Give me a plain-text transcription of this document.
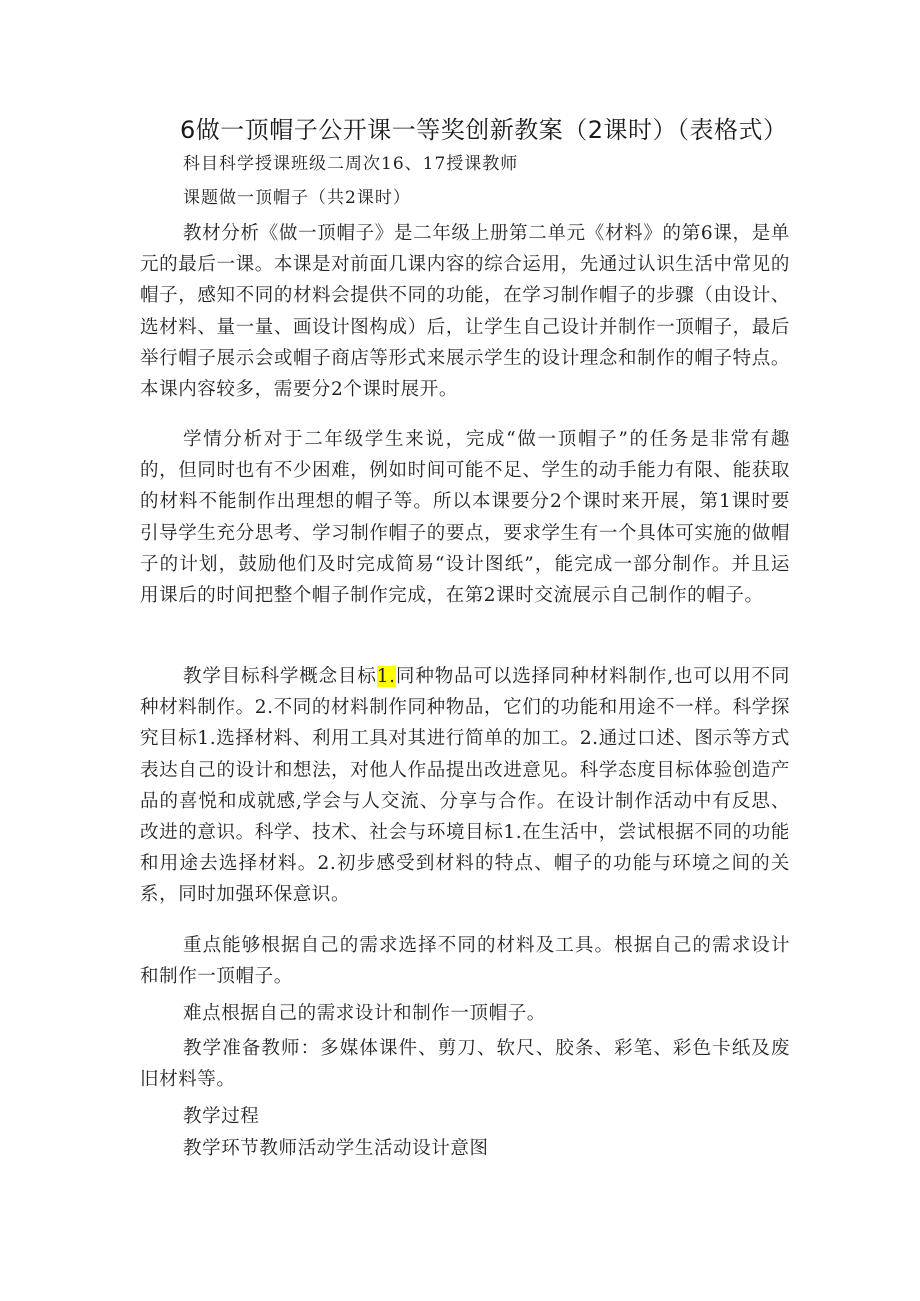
6做一顶帽子公开课一等奖创新教案（2课时）（表格式）
科目科学授课班级二周次16、17授课教师
课题做一顶帽子（共2课时）

教材分析《做一顶帽子》是二年级上册第二单元《材料》的第6课，是单元的最后一课。本课是对前面几课内容的综合运用，先通过认识生活中常见的帽子，感知不同的材料会提供不同的功能，在学习制作帽子的步骤（由设计、选材料、量一量、画设计图构成）后，让学生自己设计并制作一顶帽子，最后举行帽子展示会或帽子商店等形式来展示学生的设计理念和制作的帽子特点。本课内容较多，需要分2个课时展开。

学情分析对于二年级学生来说，完成“做一顶帽子”的任务是非常有趣的，但同时也有不少困难，例如时间可能不足、学生的动手能力有限、能获取的材料不能制作出理想的帽子等。所以本课要分2个课时来开展，第1课时要引导学生充分思考、学习制作帽子的要点，要求学生有一个具体可实施的做帽子的计划，鼓励他们及时完成简易“设计图纸”，能完成一部分制作。并且运用课后的时间把整个帽子制作完成，在第2课时交流展示自己制作的帽子。

教学目标科学概念目标1.同种物品可以选择同种材料制作,也可以用不同种材料制作。2.不同的材料制作同种物品，它们的功能和用途不一样。科学探究目标1.选择材料、利用工具对其进行简单的加工。2.通过口述、图示等方式表达自己的设计和想法，对他人作品提出改进意见。科学态度目标体验创造产品的喜悦和成就感,学会与人交流、分享与合作。在设计制作活动中有反思、改进的意识。科学、技术、社会与环境目标1.在生活中，尝试根据不同的功能和用途去选择材料。2.初步感受到材料的特点、帽子的功能与环境之间的关系，同时加强环保意识。

重点能够根据自己的需求选择不同的材料及工具。根据自己的需求设计和制作一顶帽子。

难点根据自己的需求设计和制作一顶帽子。

教学准备教师：多媒体课件、剪刀、软尺、胶条、彩笔、彩色卡纸及废旧材料等。

教学过程

教学环节教师活动学生活动设计意图
